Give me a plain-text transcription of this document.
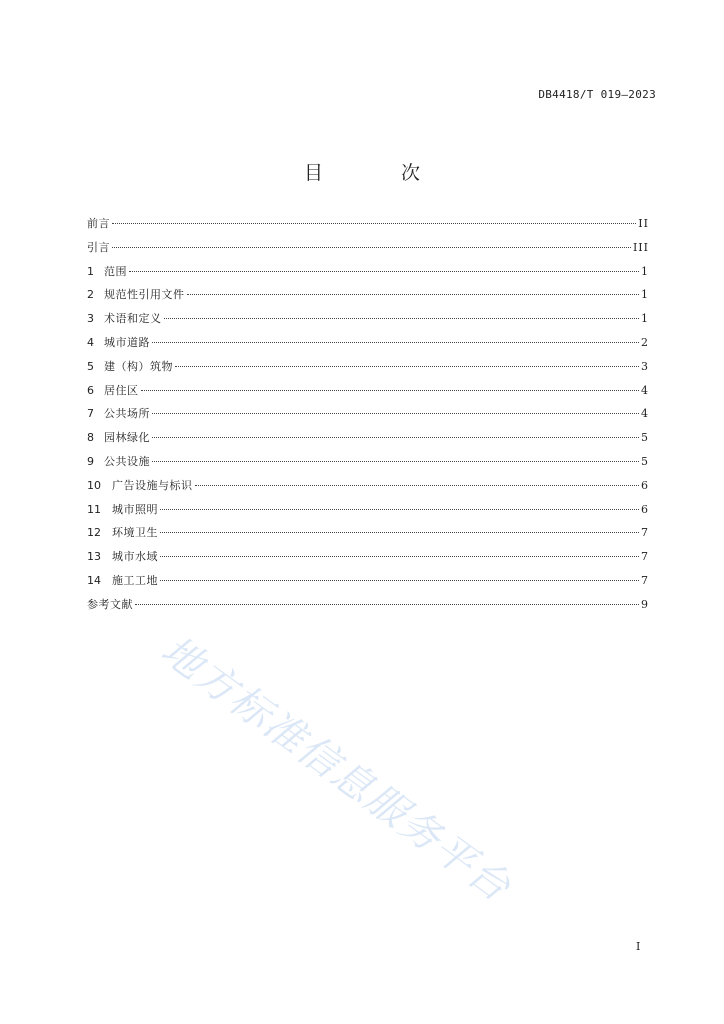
DB4418/T 019—2023
目 次
前言	II
引言	III
1 范围	1
2 规范性引用文件	1
3 术语和定义	1
4 城市道路	2
5 建（构）筑物	3
6 居住区	4
7 公共场所	4
8 园林绿化	5
9 公共设施	5
10	广告设施与标识	6
11	城市照明	6
12	环境卫生	7
13	城市水域	7
14	施工工地	7
参考文献	9
地方标准信息服务平台
I
